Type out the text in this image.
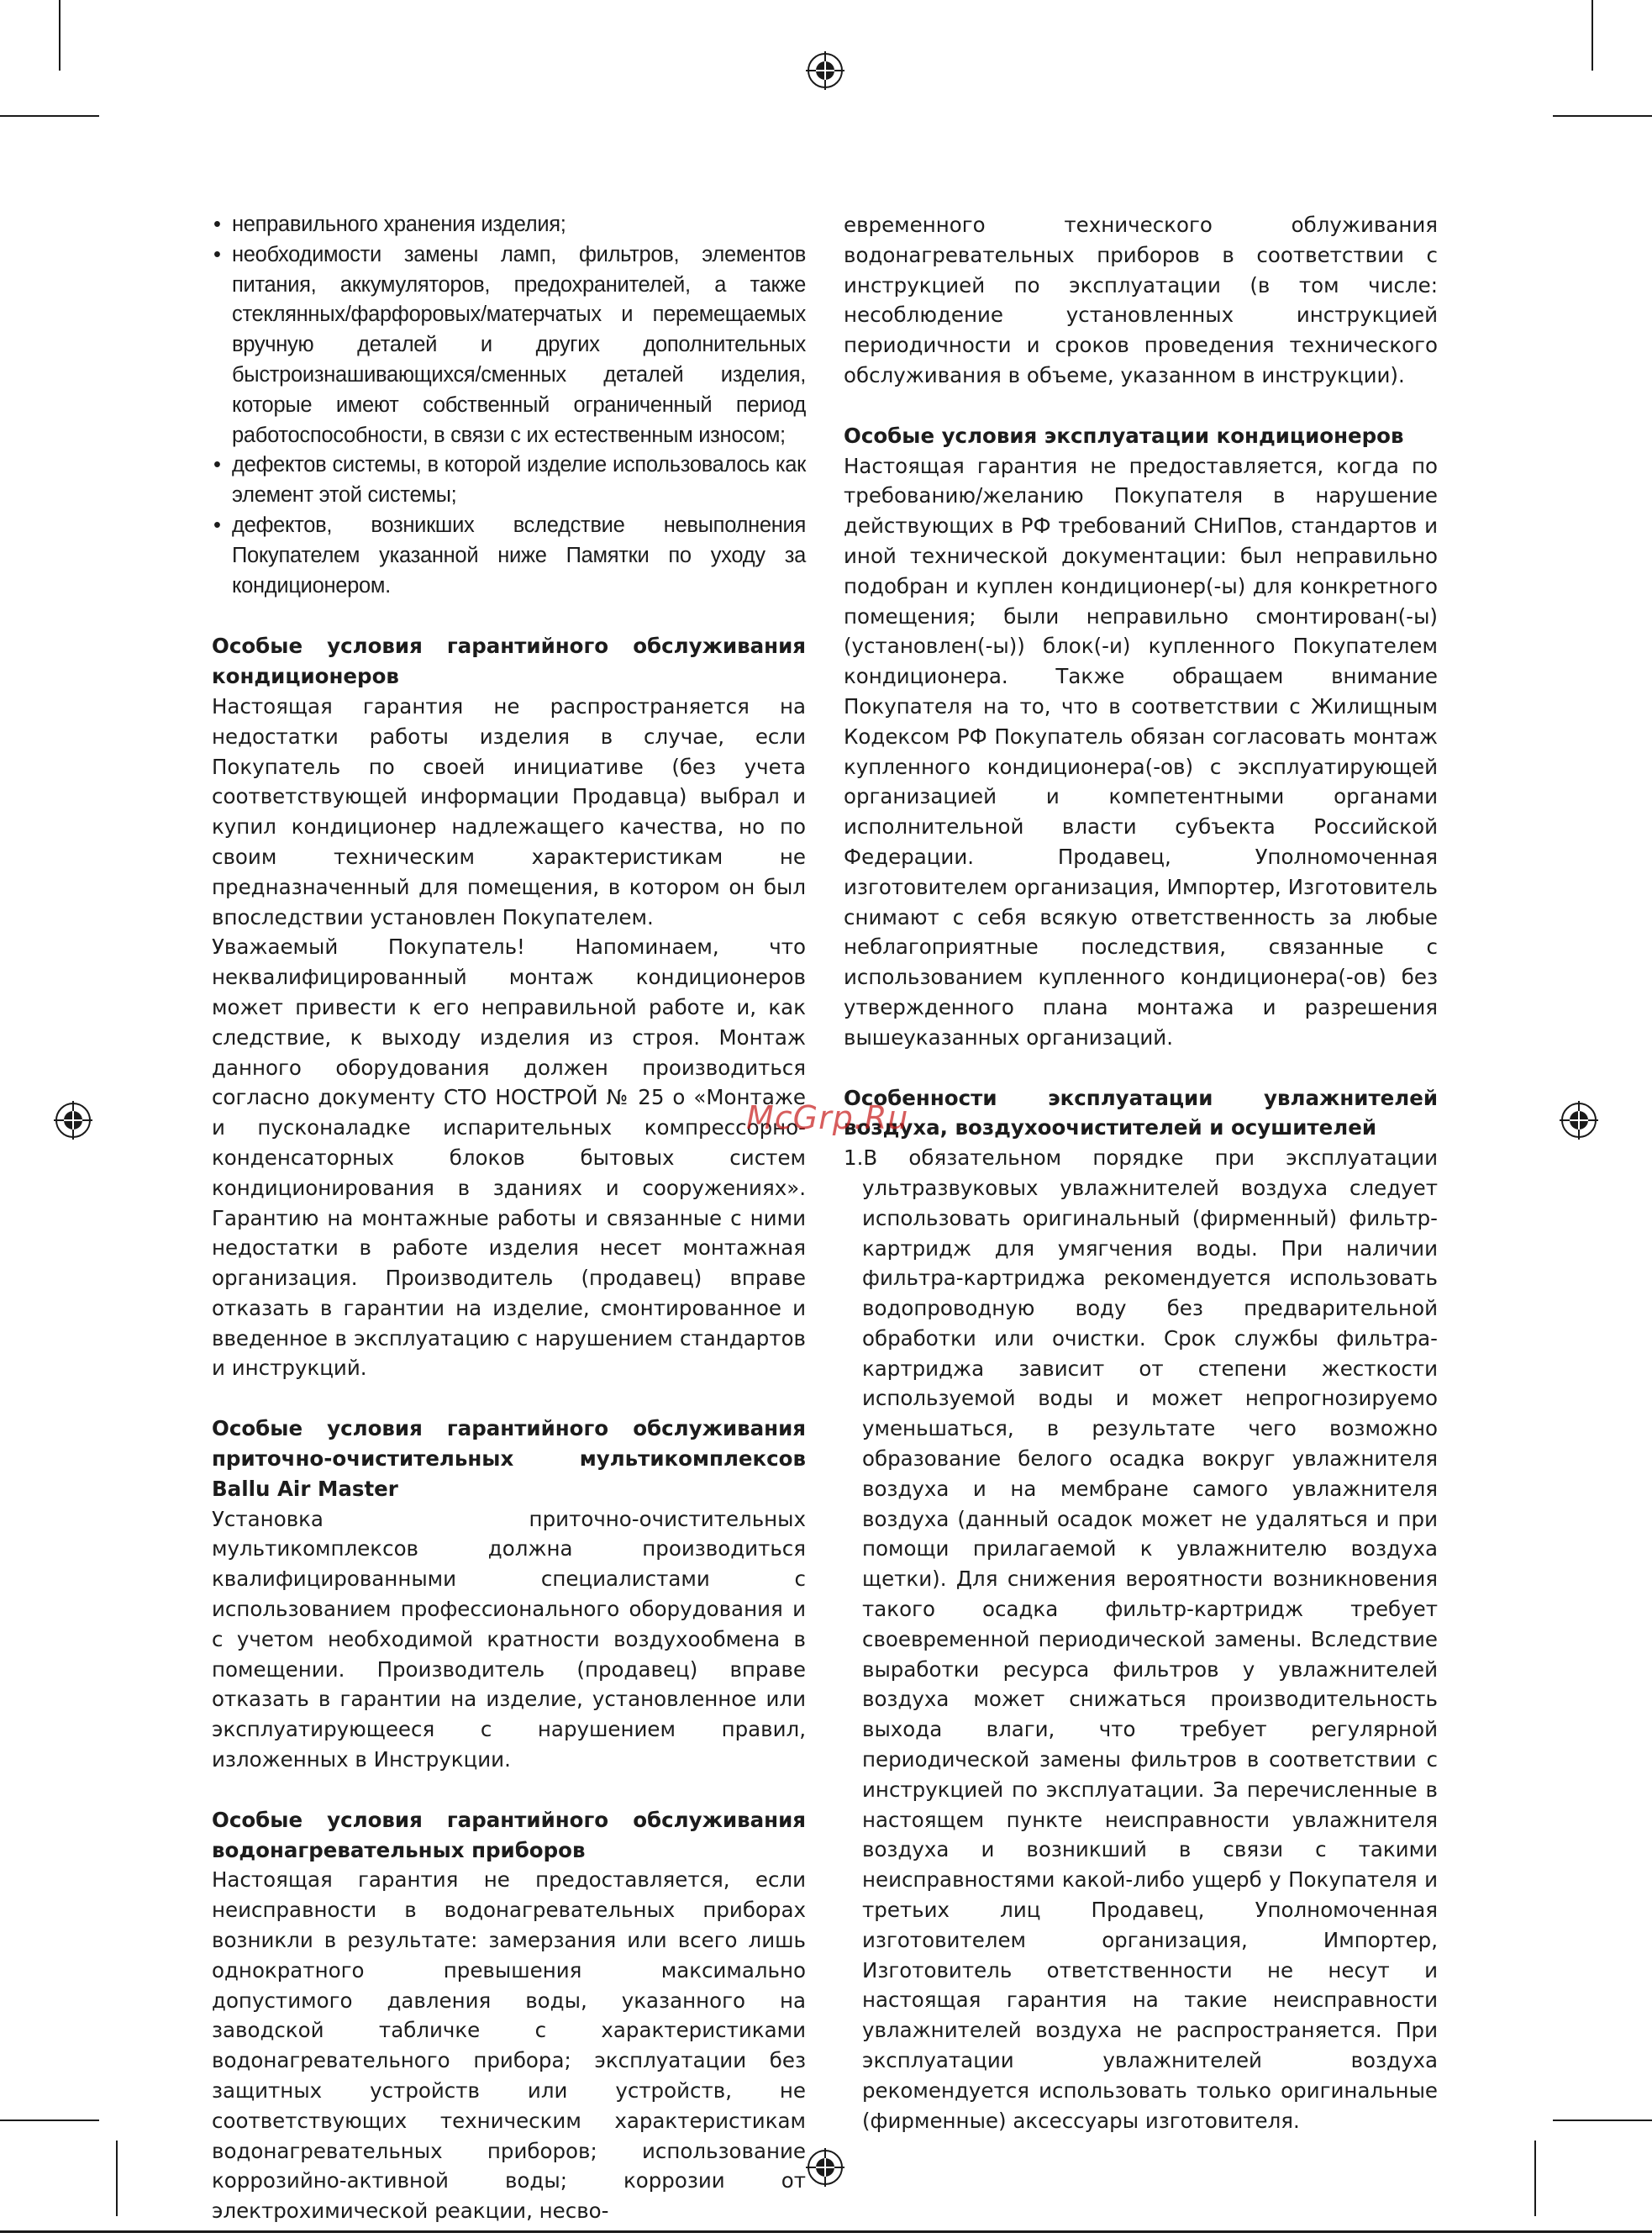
• неправильного хранения изделия;
• необходимости замены ламп, фильтров, элементов питания, аккумуляторов, предохранителей, а также стеклянных/фарфоровых/матерчатых и перемещаемых вручную деталей и других дополнительных быстроизнашивающихся/сменных деталей изделия, которые имеют собственный ограниченный период работоспособности, в связи с их естественным износом;
• дефектов системы, в которой изделие использовалось как элемент этой системы;
• дефектов, возникших вследствие невыполнения Покупателем указанной ниже Памятки по уходу за кондиционером.

Особые условия гарантийного обслуживания кондиционеров

Настоящая гарантия не распространяется на недостатки работы изделия в случае, если Покупатель по своей инициативе (без учета соответствующей информации Продавца) выбрал и купил кондиционер надлежащего качества, но по своим техническим характеристикам не предназначенный для помещения, в котором он был впоследствии установлен Покупателем.

Уважаемый Покупатель! Напоминаем, что неквалифицированный монтаж кондиционеров может привести к его неправильной работе и, как следствие, к выходу изделия из строя. Монтаж данного оборудования должен производиться согласно документу СТО НОСТРОЙ № 25 о «Монтаже и пусконаладке испарительных компрессорно-конденсаторных блоков бытовых систем кондиционирования в зданиях и сооружениях». Гарантию на монтажные работы и связанные с ними недостатки в работе изделия несет монтажная организация. Производитель (продавец) вправе отказать в гарантии на изделие, смонтированное и введенное в эксплуатацию с нарушением стандартов и инструкций.

Особые условия гарантийного обслуживания приточно-очистительных мультикомплексов Ballu Air Master

Установка приточно-очистительных мультикомплексов должна производиться квалифицированными специалистами с использованием профессионального оборудования и с учетом необходимой кратности воздухообмена в помещении. Производитель (продавец) вправе отказать в гарантии на изделие, установленное или эксплуатирующееся с нарушением правил, изложенных в Инструкции.

Особые условия гарантийного обслуживания водонагревательных приборов

Настоящая гарантия не предоставляется, если неисправности в водонагревательных приборах возникли в результате: замерзания или всего лишь однократного превышения максимально допустимого давления воды, указанного на заводской табличке с характеристиками водонагревательного прибора; эксплуатации без защитных устройств или устройств, не соответствующих техническим характеристикам водонагревательных приборов; использование коррозийно-активной воды; коррозии от электрохимической реакции, несво-

евременного технического облуживания водонагревательных приборов в соответствии с инструкцией по эксплуатации (в том числе: несоблюдение установленных инструкцией периодичности и сроков проведения технического обслуживания в объеме, указанном в инструкции).

Особые условия эксплуатации кондиционеров

Настоящая гарантия не предоставляется, когда по требованию/желанию Покупателя в нарушение действующих в РФ требований СНиПов, стандартов и иной технической документации: был неправильно подобран и куплен кондиционер(-ы) для конкретного помещения; были неправильно смонтирован(-ы) (установлен(-ы)) блок(-и) купленного Покупателем кондиционера. Также обращаем внимание Покупателя на то, что в соответствии с Жилищным Кодексом РФ Покупатель обязан согласовать монтаж купленного кондиционера(-ов) с эксплуатирующей организацией и компетентными органами исполнительной власти субъекта Российской Федерации. Продавец, Уполномоченная изготовителем организация, Импортер, Изготовитель снимают с себя всякую ответственность за любые неблагоприятные последствия, связанные с использованием купленного кондиционера(-ов) без утвержденного плана монтажа и разрешения вышеуказанных организаций.

Особенности эксплуатации увлажнителей воздуха, воздухоочистителей и осушителей

1.В обязательном порядке при эксплуатации ультразвуковых увлажнителей воздуха следует использовать оригинальный (фирменный) фильтр-картридж для умягчения воды. При наличии фильтра-картриджа рекомендуется использовать водопроводную воду без предварительной обработки или очистки. Срок службы фильтра-картриджа зависит от степени жесткости используемой воды и может непрогнозируемо уменьшаться, в результате чего возможно образование белого осадка вокруг увлажнителя воздуха и на мембране самого увлажнителя воздуха (данный осадок может не удаляться и при помощи прилагаемой к увлажнителю воздуха щетки). Для снижения вероятности возникновения такого осадка фильтр-картридж требует своевременной периодической замены. Вследствие выработки ресурса фильтров у увлажнителей воздуха может снижаться производительность выхода влаги, что требует регулярной периодической замены фильтров в соответствии с инструкцией по эксплуатации. За перечисленные в настоящем пункте неисправности увлажнителя воздуха и возникший в связи с такими неисправностями какой-либо ущерб у Покупателя и третьих лиц Продавец, Уполномоченная изготовителем организация, Импортер, Изготовитель ответственности не несут и настоящая гарантия на такие неисправности увлажнителей воздуха не распространяется. При эксплуатации увлажнителей воздуха рекомендуется использовать только оригинальные (фирменные) аксессуары изготовителя.

McGrp.Ru
